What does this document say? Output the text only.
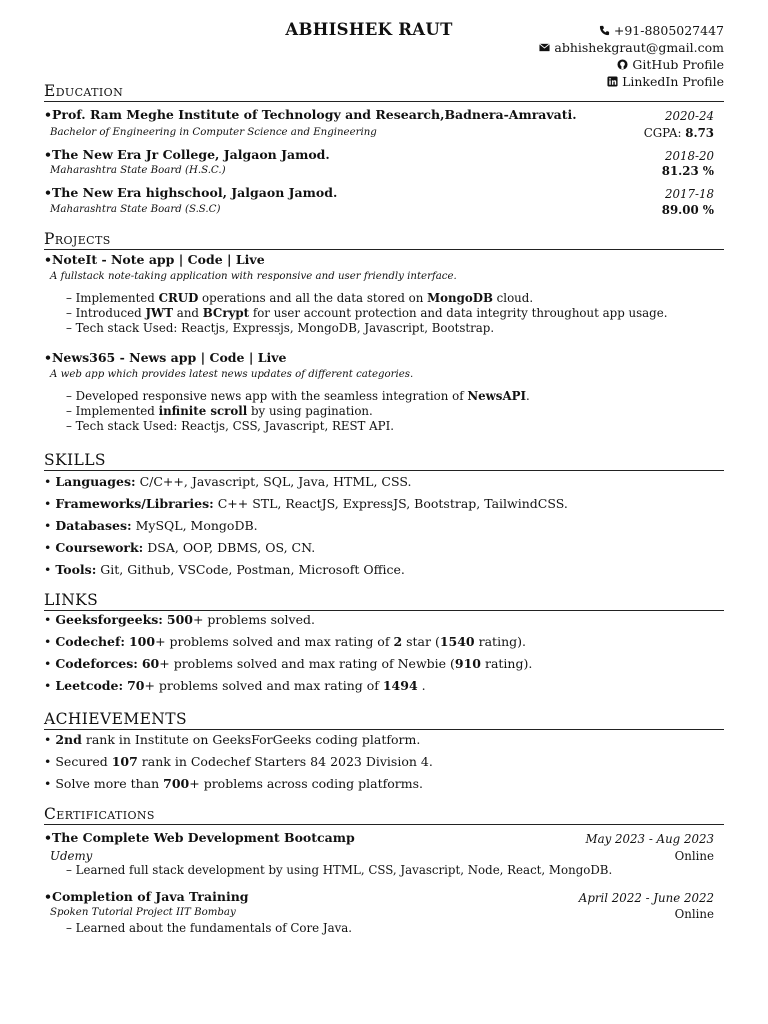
ABHISHEK RAUT	+91-8805027447
abhishekgraut@gmail.com
GitHub Profile
LinkedIn Profile
Education
•Prof. Ram Meghe Institute of Technology and Research,Badnera-Amravati.	2020-24
Bachelor of Engineering in Computer Science and Engineering	CGPA: 8.73
•The New Era Jr College, Jalgaon Jamod.	2018-20
Maharashtra State Board (H.S.C.)	81.23 %
•The New Era highschool, Jalgaon Jamod.	2017-18
Maharashtra State Board (S.S.C)	89.00 %
Projects
•NoteIt - Note app | Code | Live
A fullstack note-taking application with responsive and user friendly interface.
– Implemented CRUD operations and all the data stored on MongoDB cloud.
– Introduced JWT and BCrypt for user account protection and data integrity throughout app usage.
– Tech stack Used: Reactjs, Expressjs, MongoDB, Javascript, Bootstrap.
•News365 - News app | Code | Live
A web app which provides latest news updates of different categories.
– Developed responsive news app with the seamless integration of NewsAPI.
– Implemented infinite scroll by using pagination.
– Tech stack Used: Reactjs, CSS, Javascript, REST API.
SKILLS
• Languages: C/C++, Javascript, SQL, Java, HTML, CSS.
• Frameworks/Libraries: C++ STL, ReactJS, ExpressJS, Bootstrap, TailwindCSS.
• Databases: MySQL, MongoDB.
• Coursework: DSA, OOP, DBMS, OS, CN.
• Tools: Git, Github, VSCode, Postman, Microsoft Office.
LINKS
• Geeksforgeeks: 500+ problems solved.
• Codechef: 100+ problems solved and max rating of 2 star (1540 rating).
• Codeforces: 60+ problems solved and max rating of Newbie (910 rating).
• Leetcode: 70+ problems solved and max rating of 1494 .
ACHIEVEMENTS
• 2nd rank in Institute on GeeksForGeeks coding platform.
• Secured 107 rank in Codechef Starters 84 2023 Division 4.
• Solve more than 700+ problems across coding platforms.
Certifications
•The Complete Web Development Bootcamp	May 2023 - Aug 2023
Udemy	Online
– Learned full stack development by using HTML, CSS, Javascript, Node, React, MongoDB.
•Completion of Java Training	April 2022 - June 2022
Spoken Tutorial Project IIT Bombay	Online
– Learned about the fundamentals of Core Java.
